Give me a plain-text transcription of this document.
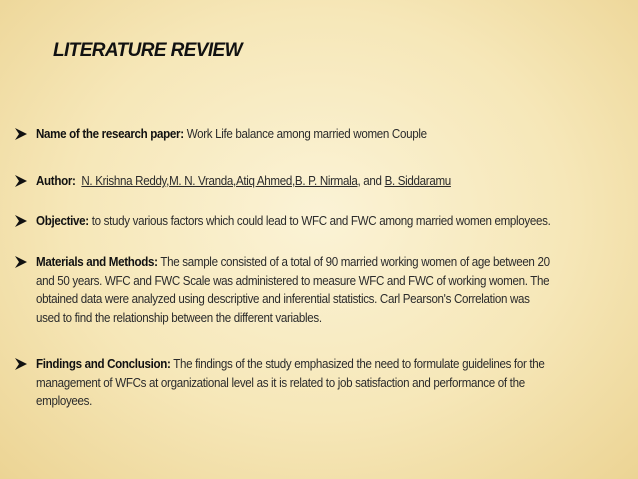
LITERATURE REVIEW
Name of the research paper: Work Life balance among married women Couple
Author: N. Krishna Reddy,M. N. Vranda,Atiq Ahmed,B. P. Nirmala, and B. Siddaramu
Objective: to study various factors which could lead to WFC and FWC among married women employees.
Materials and Methods: The sample consisted of a total of 90 married working women of age between 20
and 50 years. WFC and FWC Scale was administered to measure WFC and FWC of working women. The
obtained data were analyzed using descriptive and inferential statistics. Carl Pearson's Correlation was
used to find the relationship between the different variables.
Findings and Conclusion: The findings of the study emphasized the need to formulate guidelines for the
management of WFCs at organizational level as it is related to job satisfaction and performance of the
employees.
